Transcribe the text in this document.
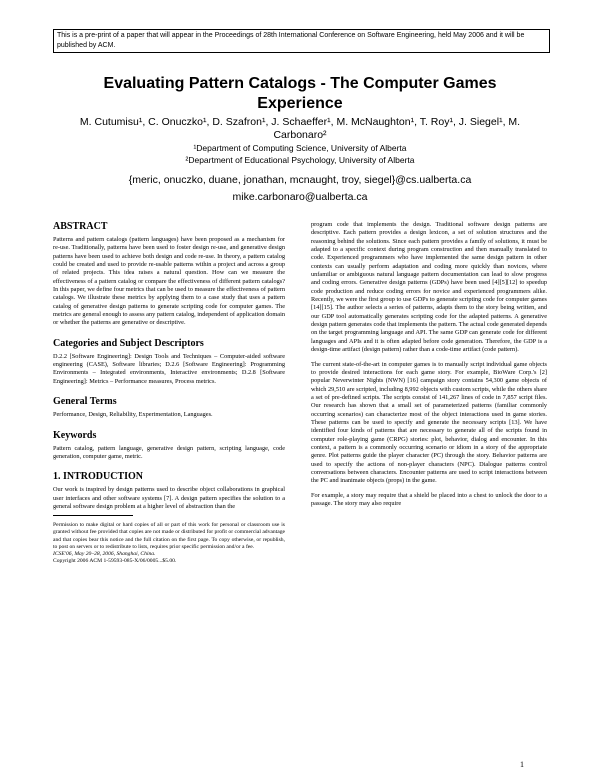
This is a pre-print of a paper that will appear in the Proceedings of 28th International Conference on Software Engineering, held May 2006 and it will be published by ACM.
Evaluating Pattern Catalogs - The Computer Games Experience
M. Cutumisu¹, C. Onuczko¹, D. Szafron¹, J. Schaeffer¹, M. McNaughton¹, T. Roy¹, J. Siegel¹, M. Carbonaro²
¹Department of Computing Science, University of Alberta
²Department of Educational Psychology, University of Alberta
{meric, onuczko, duane, jonathan, mcnaught, troy, siegel}@cs.ualberta.ca
mike.carbonaro@ualberta.ca
ABSTRACT

Patterns and pattern catalogs (pattern languages) have been proposed as a mechanism for re-use. Traditionally, patterns have been used to foster design re-use, and generative design patterns have been used to achieve both design and code re-use. In theory, a pattern catalog could be created and used to provide re-usable patterns within a project and across a group of related projects. This idea raises a natural question. How can we measure the effectiveness of a pattern catalog or compare the effectiveness of different pattern catalogs? In this paper, we define four metrics that can be used to measure the effectiveness of pattern catalogs. We illustrate these metrics by applying them to a case study that uses a pattern catalog of generative design patterns to generate scripting code for computer games. The metrics are general enough to assess any pattern catalog, independent of application domain or whether the patterns are generative or descriptive.

Categories and Subject Descriptors

D.2.2 [Software Engineering]: Design Tools and Techniques – Computer-aided software engineering (CASE), Software libraries; D.2.6 [Software Engineering]: Programming Environments – Integrated environments, Interactive environments; D.2.8 [Software Engineering]: Metrics – Performance measures, Process metrics.

General Terms

Performance, Design, Reliability, Experimentation, Languages.

Keywords

Pattern catalog, pattern language, generative design pattern, scripting language, code generation, computer game, metric.

1. INTRODUCTION

Our work is inspired by design patterns used to describe object collaborations in graphical user interfaces and other software systems [7]. A design pattern specifies the solution to a general software design problem at a higher level of abstraction than the

Permission to make digital or hard copies of all or part of this work for personal or classroom use is granted without fee provided that copies are not made or distributed for profit or commercial advantage and that copies bear this notice and the full citation on the first page. To copy otherwise, or republish, to post on servers or to redistribute to lists, requires prior specific permission and/or a fee.

ICSE'06, May 20–28, 2006, Shanghai, China.

Copyright 2006 ACM 1-59593-085-X/06/0005...$5.00.

program code that implements the design. Traditional software design patterns are descriptive. Each pattern provides a design lexicon, a set of solution structures and the reasoning behind the solutions. Since each pattern provides a family of solutions, it must be adapted to a specific context during program construction and then manually translated to code. Experienced programmers who have implemented the same design pattern in other contexts can usually perform adaptation and coding more quickly than novices, where unfamiliar or ambiguous natural language pattern documentation can lead to slow progress and coding errors. Generative design patterns (GDPs) have been used [4][5][12] to speedup code production and reduce coding errors for novice and experienced programmers alike. Recently, we were the first group to use GDPs to generate scripting code for computer games [14][15]. The author selects a series of patterns, adapts them to the story being written, and our GDP tool automatically generates scripting code for the adapted patterns. A generative design pattern generates code that implements the pattern. The actual code generated depends on the target programming language and API. The same GDP can generate code for different languages and APIs and it is often adapted before code generation. Therefore, the GDP is a design-time artifact (design pattern) rather than a code-time artifact (code pattern).

The current state-of-the-art in computer games is to manually script individual game objects to provide desired interactions for each game story. For example, BioWare Corp.'s [2] popular Neverwinter Nights (NWN) [16] campaign story contains 54,300 game objects of which 29,510 are scripted, including 8,992 objects with custom scripts, while the others share a set of pre-defined scripts. The scripts consist of 141,267 lines of code in 7,857 script files. Our research has shown that a small set of parameterized patterns (familiar commonly occurring scenarios) can characterize most of the object interactions used in game stories. These patterns can be used to specify and generate the necessary scripts [13]. We have identified four kinds of patterns that are necessary to generate all of the scripts found in computer role-playing game (CRPG) stories: plot, behavior, dialog and encounter. In this context, a pattern is a commonly occurring scenario or idiom in a story of the appropriate genre. Plot patterns guide the player character (PC) through the story. Behavior patterns are used to specify the actions of non-player characters (NPC). Dialogue patterns control conversations between characters. Encounter patterns are used to script interactions between the PC and inanimate objects (props) in the game.

For example, a story may require that a shield be placed into a chest to unlock the door to a passage. The story may also require

1
